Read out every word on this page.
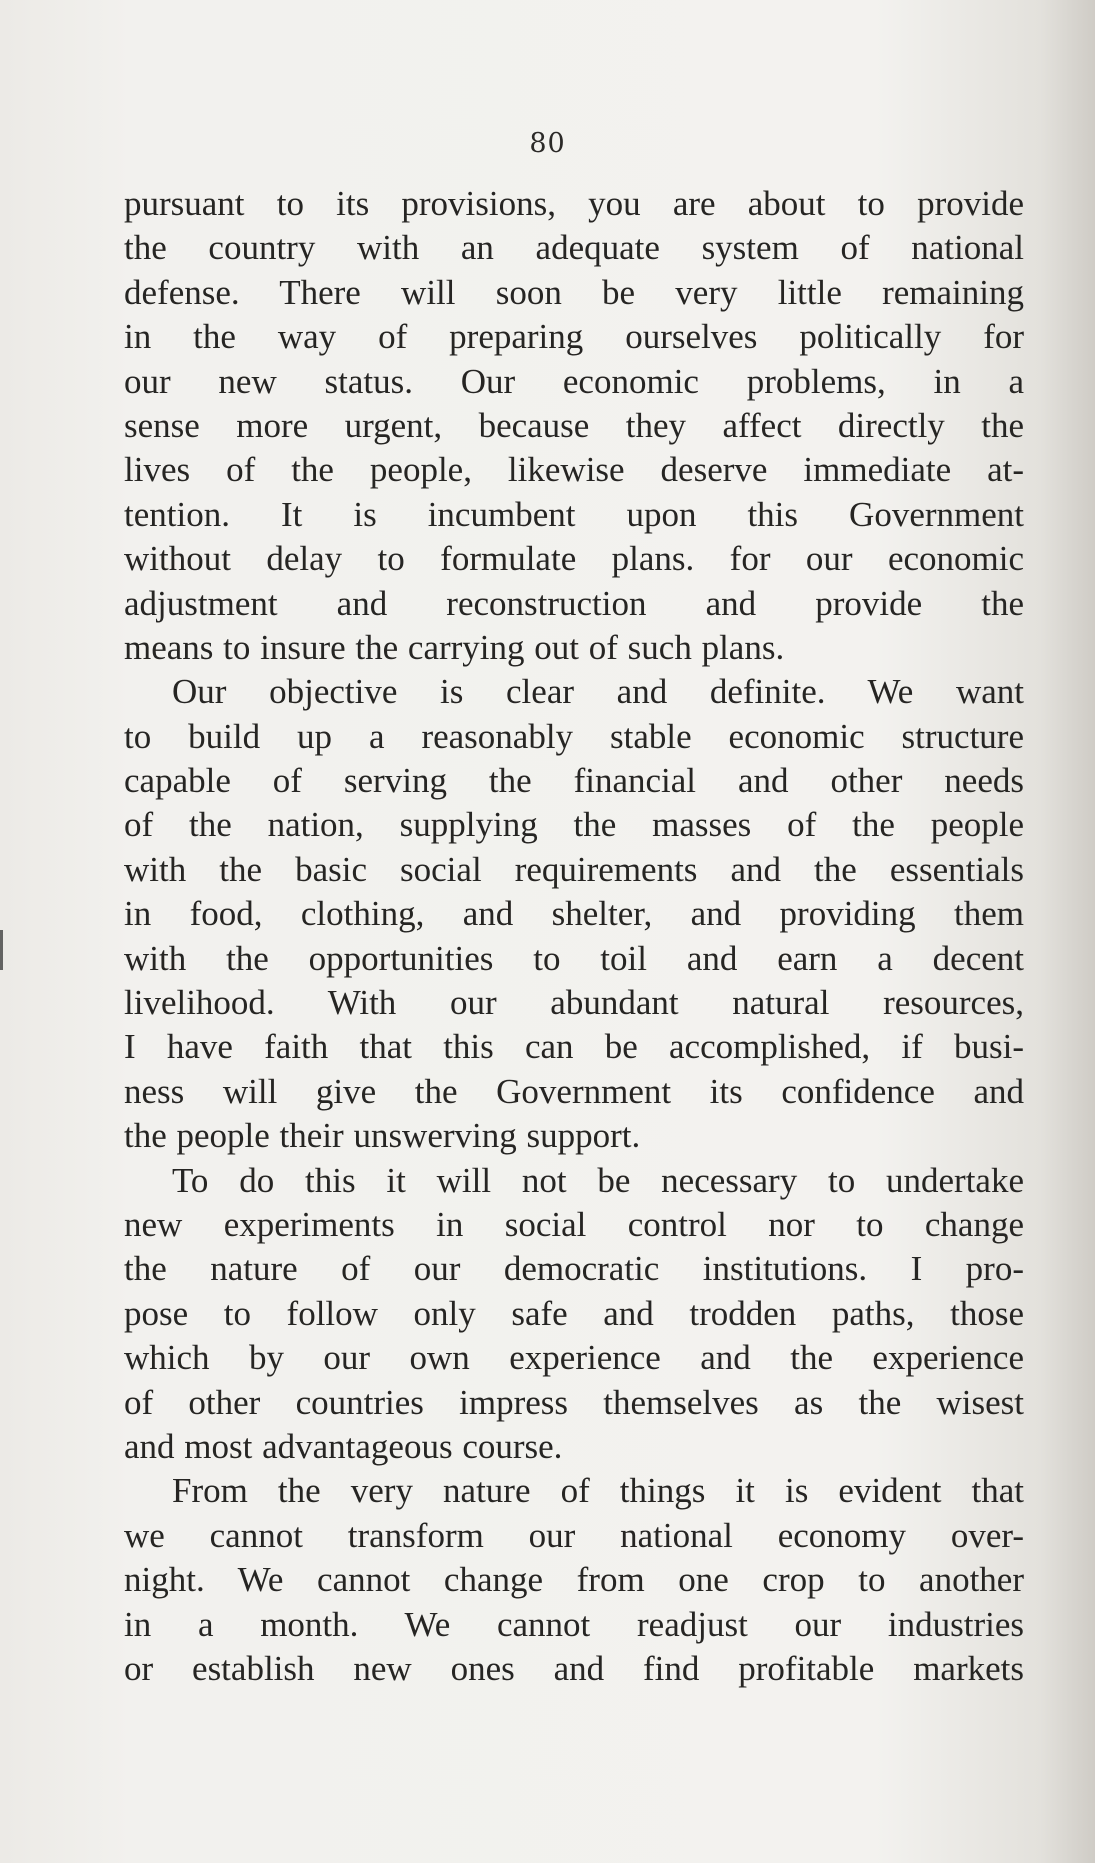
80
pursuant to its provisions, you are about to provide
the country with an adequate system of national
defense. There will soon be very little remaining
in the way of preparing ourselves politically for
our new status. Our economic problems, in a
sense more urgent, because they affect directly the
lives of the people, likewise deserve immediate at-
tention. It is incumbent upon this Government
without delay to formulate plans. for our economic
adjustment and reconstruction and provide the
means to insure the carrying out of such plans.
Our objective is clear and definite. We want
to build up a reasonably stable economic structure
capable of serving the financial and other needs
of the nation, supplying the masses of the people
with the basic social requirements and the essentials
in food, clothing, and shelter, and providing them
with the opportunities to toil and earn a decent
livelihood. With our abundant natural resources,
I have faith that this can be accomplished, if busi-
ness will give the Government its confidence and
the people their unswerving support.
To do this it will not be necessary to undertake
new experiments in social control nor to change
the nature of our democratic institutions. I pro-
pose to follow only safe and trodden paths, those
which by our own experience and the experience
of other countries impress themselves as the wisest
and most advantageous course.
From the very nature of things it is evident that
we cannot transform our national economy over-
night. We cannot change from one crop to another
in a month. We cannot readjust our industries
or establish new ones and find profitable markets
